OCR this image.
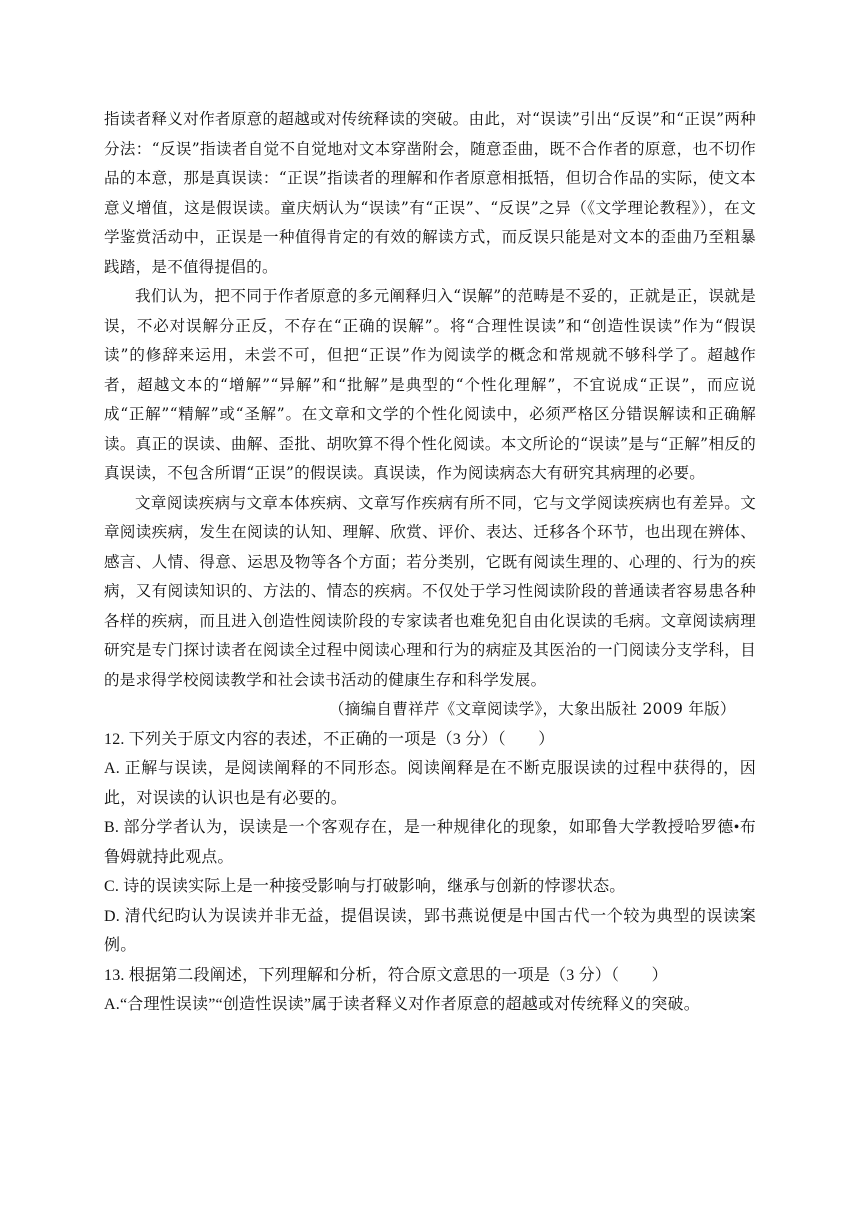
指读者释义对作者原意的超越或对传统释读的突破。由此，对“误读”引出“反误”和“正误”两种分法：“反误”指读者自觉不自觉地对文本穿凿附会，随意歪曲，既不合作者的原意，也不切作品的本意，那是真误读：“正误”指读者的理解和作者原意相抵牾，但切合作品的实际，使文本意义增值，这是假误读。童庆炳认为“误读”有“正误”、“反误”之异（《文学理论教程》），在文学鉴赏活动中，正误是一种值得肯定的有效的解读方式，而反误只能是对文本的歪曲乃至粗暴践踏，是不值得提倡的。

我们认为，把不同于作者原意的多元阐释归入“误解”的范畴是不妥的，正就是正，误就是误，不必对误解分正反，不存在“正确的误解”。将“合理性误读”和“创造性误读”作为“假误读”的修辞来运用，未尝不可，但把“正误”作为阅读学的概念和常规就不够科学了。超越作者，超越文本的“增解”“异解”和“批解”是典型的“个性化理解”，不宜说成“正误”，而应说成“正解”“精解”或“圣解”。在文章和文学的个性化阅读中，必须严格区分错误解读和正确解读。真正的误读、曲解、歪批、胡吹算不得个性化阅读。本文所论的“误读”是与“正解”相反的真误读，不包含所谓“正误”的假误读。真误读，作为阅读病态大有研究其病理的必要。

文章阅读疾病与文章本体疾病、文章写作疾病有所不同，它与文学阅读疾病也有差异。文章阅读疾病，发生在阅读的认知、理解、欣赏、评价、表达、迁移各个环节，也出现在辨体、感言、人情、得意、运思及物等各个方面；若分类别，它既有阅读生理的、心理的、行为的疾病，又有阅读知识的、方法的、情态的疾病。不仅处于学习性阅读阶段的普通读者容易患各种各样的疾病，而且进入创造性阅读阶段的专家读者也难免犯自由化误读的毛病。文章阅读病理研究是专门探讨读者在阅读全过程中阅读心理和行为的病症及其医治的一门阅读分支学科，目的是求得学校阅读教学和社会读书活动的健康生存和科学发展。

（摘编自曹祥芹《文章阅读学》，大象出版社 2009 年版）

12. 下列关于原文内容的表述，不正确的一项是（3 分）（　　）

A. 正解与误读，是阅读阐释的不同形态。阅读阐释是在不断克服误读的过程中获得的，因此，对误读的认识也是有必要的。

B. 部分学者认为，误读是一个客观存在，是一种规律化的现象，如耶鲁大学教授哈罗德•布鲁姆就持此观点。

C. 诗的误读实际上是一种接受影响与打破影响，继承与创新的悖谬状态。

D. 清代纪昀认为误读并非无益，提倡误读，郢书燕说便是中国古代一个较为典型的误读案例。

13. 根据第二段阐述，下列理解和分析，符合原文意思的一项是（3 分）（　　）

A.“合理性误读”“创造性误读”属于读者释义对作者原意的超越或对传统释义的突破。
